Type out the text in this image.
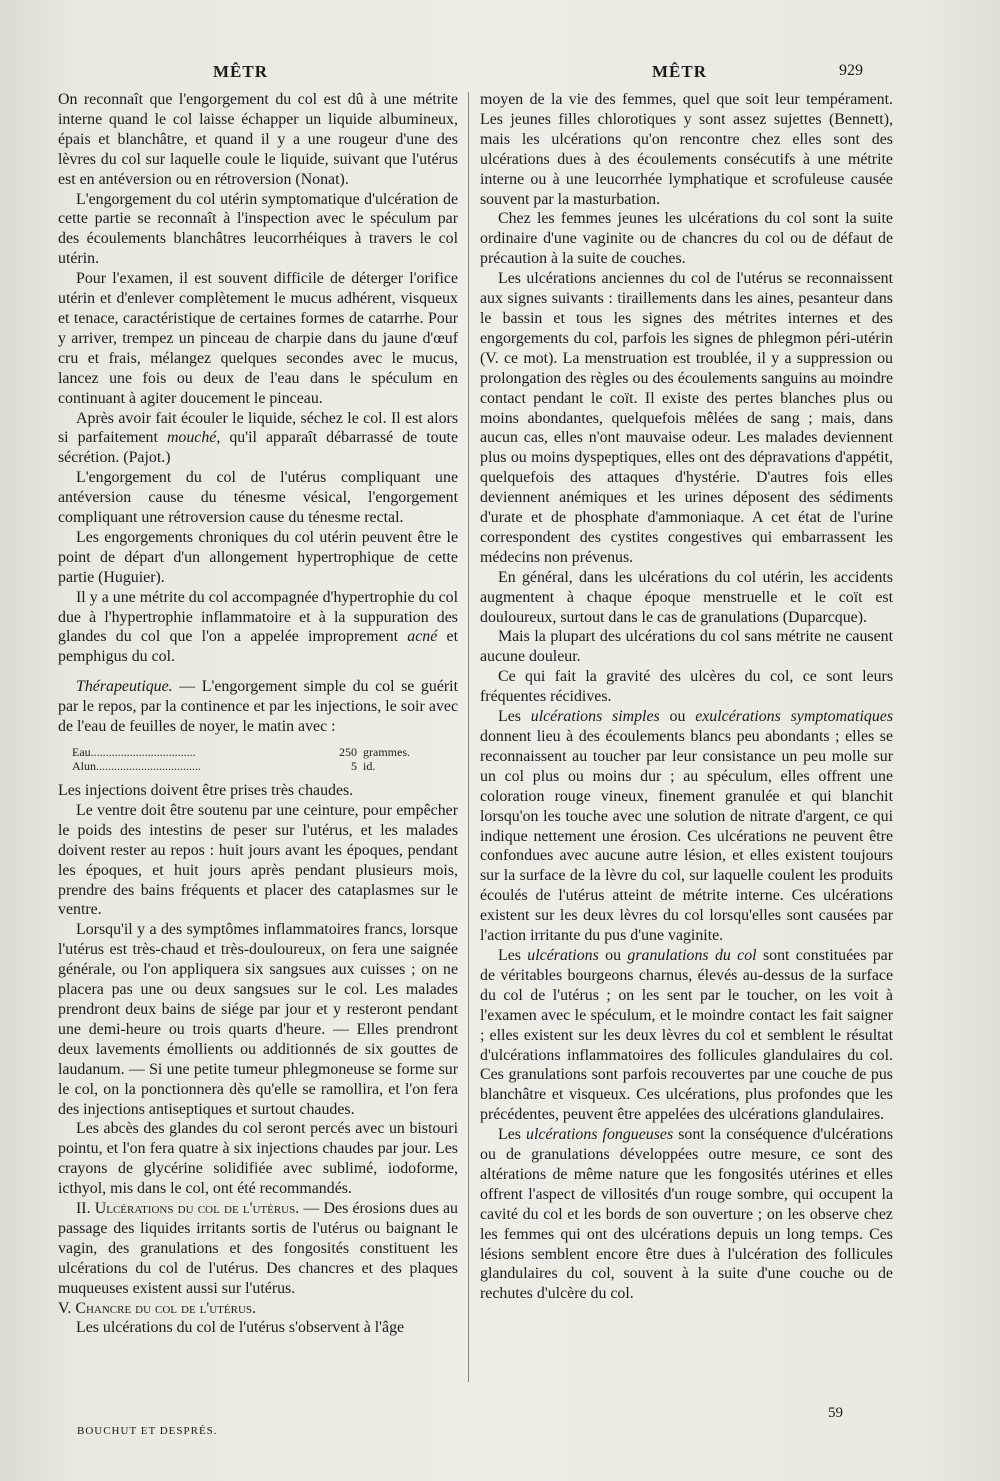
MÊTR	MÊTR	929

On reconnaît que l'engorgement du col est dû à une métrite interne quand le col laisse échapper un liquide albumineux, épais et blanchâtre, et quand il y a une rougeur d'une des lèvres du col sur laquelle coule le liquide, suivant que l'utérus est en antéversion ou en rétroversion (Nonat).

L'engorgement du col utérin symptomatique d'ulcération de cette partie se reconnaît à l'inspection avec le spéculum par des écoulements blanchâtres leucorrhéiques à travers le col utérin.

Pour l'examen, il est souvent difficile de déterger l'orifice utérin et d'enlever complètement le mucus adhérent, visqueux et tenace, caractéristique de certaines formes de catarrhe. Pour y arriver, trempez un pinceau de charpie dans du jaune d'œuf cru et frais, mélangez quelques secondes avec le mucus, lancez une fois ou deux de l'eau dans le spéculum en continuant à agiter doucement le pinceau.

Après avoir fait écouler le liquide, séchez le col. Il est alors si parfaitement mouché, qu'il apparaît débarrassé de toute sécrétion. (Pajot.)

L'engorgement du col de l'utérus compliquant une antéversion cause du ténesme vésical, l'engorgement compliquant une rétroversion cause du ténesme rectal.

Les engorgements chroniques du col utérin peuvent être le point de départ d'un allongement hypertrophique de cette partie (Huguier).

Il y a une métrite du col accompagnée d'hypertrophie du col due à l'hypertrophie inflammatoire et à la suppuration des glandes du col que l'on a appelée improprement acné et pemphigus du col.

Thérapeutique. — L'engorgement simple du col se guérit par le repos, par la continence et par les injections, le soir avec de l'eau de feuilles de noyer, le matin avec :

Eau...................................	250 grammes.
Alun...................................	5 id.

Les injections doivent être prises très chaudes.

Le ventre doit être soutenu par une ceinture, pour empêcher le poids des intestins de peser sur l'utérus, et les malades doivent rester au repos : huit jours avant les époques, pendant les époques, et huit jours après pendant plusieurs mois, prendre des bains fréquents et placer des cataplasmes sur le ventre.

Lorsqu'il y a des symptômes inflammatoires francs, lorsque l'utérus est très-chaud et très-douloureux, on fera une saignée générale, ou l'on appliquera six sangsues aux cuisses ; on ne placera pas une ou deux sangsues sur le col. Les malades prendront deux bains de siége par jour et y resteront pendant une demi-heure ou trois quarts d'heure. — Elles prendront deux lavements émollients ou additionnés de six gouttes de laudanum. — Si une petite tumeur phlegmoneuse se forme sur le col, on la ponctionnera dès qu'elle se ramollira, et l'on fera des injections antiseptiques et surtout chaudes.

Les abcès des glandes du col seront percés avec un bistouri pointu, et l'on fera quatre à six injections chaudes par jour. Les crayons de glycérine solidifiée avec sublimé, iodoforme, icthyol, mis dans le col, ont été recommandés.

II. Ulcérations du col de l'utérus. — Des érosions dues au passage des liquides irritants sortis de l'utérus ou baignant le vagin, des granulations et des fongosités constituent les ulcérations du col de l'utérus. Des chancres et des plaques muqueuses existent aussi sur l'utérus.

V. Chancre du col de l'utérus.

Les ulcérations du col de l'utérus s'observent à l'âge

moyen de la vie des femmes, quel que soit leur tempérament. Les jeunes filles chlorotiques y sont assez sujettes (Bennett), mais les ulcérations qu'on rencontre chez elles sont des ulcérations dues à des écoulements consécutifs à une métrite interne ou à une leucorrhée lymphatique et scrofuleuse causée souvent par la masturbation.

Chez les femmes jeunes les ulcérations du col sont la suite ordinaire d'une vaginite ou de chancres du col ou de défaut de précaution à la suite de couches.

Les ulcérations anciennes du col de l'utérus se reconnaissent aux signes suivants : tiraillements dans les aines, pesanteur dans le bassin et tous les signes des métrites internes et des engorgements du col, parfois les signes de phlegmon péri-utérin (V. ce mot). La menstruation est troublée, il y a suppression ou prolongation des règles ou des écoulements sanguins au moindre contact pendant le coït. Il existe des pertes blanches plus ou moins abondantes, quelquefois mêlées de sang ; mais, dans aucun cas, elles n'ont mauvaise odeur. Les malades deviennent plus ou moins dyspeptiques, elles ont des dépravations d'appétit, quelquefois des attaques d'hystérie. D'autres fois elles deviennent anémiques et les urines déposent des sédiments d'urate et de phosphate d'ammoniaque. A cet état de l'urine correspondent des cystites congestives qui embarrassent les médecins non prévenus.

En général, dans les ulcérations du col utérin, les accidents augmentent à chaque époque menstruelle et le coït est douloureux, surtout dans le cas de granulations (Duparcque).

Mais la plupart des ulcérations du col sans métrite ne causent aucune douleur.

Ce qui fait la gravité des ulcères du col, ce sont leurs fréquentes récidives.

Les ulcérations simples ou exulcérations symptomatiques donnent lieu à des écoulements blancs peu abondants ; elles se reconnaissent au toucher par leur consistance un peu molle sur un col plus ou moins dur ; au spéculum, elles offrent une coloration rouge vineux, finement granulée et qui blanchit lorsqu'on les touche avec une solution de nitrate d'argent, ce qui indique nettement une érosion. Ces ulcérations ne peuvent être confondues avec aucune autre lésion, et elles existent toujours sur la surface de la lèvre du col, sur laquelle coulent les produits écoulés de l'utérus atteint de métrite interne. Ces ulcérations existent sur les deux lèvres du col lorsqu'elles sont causées par l'action irritante du pus d'une vaginite.

Les ulcérations ou granulations du col sont constituées par de véritables bourgeons charnus, élevés au-dessus de la surface du col de l'utérus ; on les sent par le toucher, on les voit à l'examen avec le spéculum, et le moindre contact les fait saigner ; elles existent sur les deux lèvres du col et semblent le résultat d'ulcérations inflammatoires des follicules glandulaires du col. Ces granulations sont parfois recouvertes par une couche de pus blanchâtre et visqueux. Ces ulcérations, plus profondes que les précédentes, peuvent être appelées des ulcérations glandulaires.

Les ulcérations fongueuses sont la conséquence d'ulcérations ou de granulations développées outre mesure, ce sont des altérations de même nature que les fongosités utérines et elles offrent l'aspect de villosités d'un rouge sombre, qui occupent la cavité du col et les bords de son ouverture ; on les observe chez les femmes qui ont des ulcérations depuis un long temps. Ces lésions semblent encore être dues à l'ulcération des follicules glandulaires du col, souvent à la suite d'une couche ou de rechutes d'ulcère du col.

BOUCHUT ET DESPRÉS.
59
